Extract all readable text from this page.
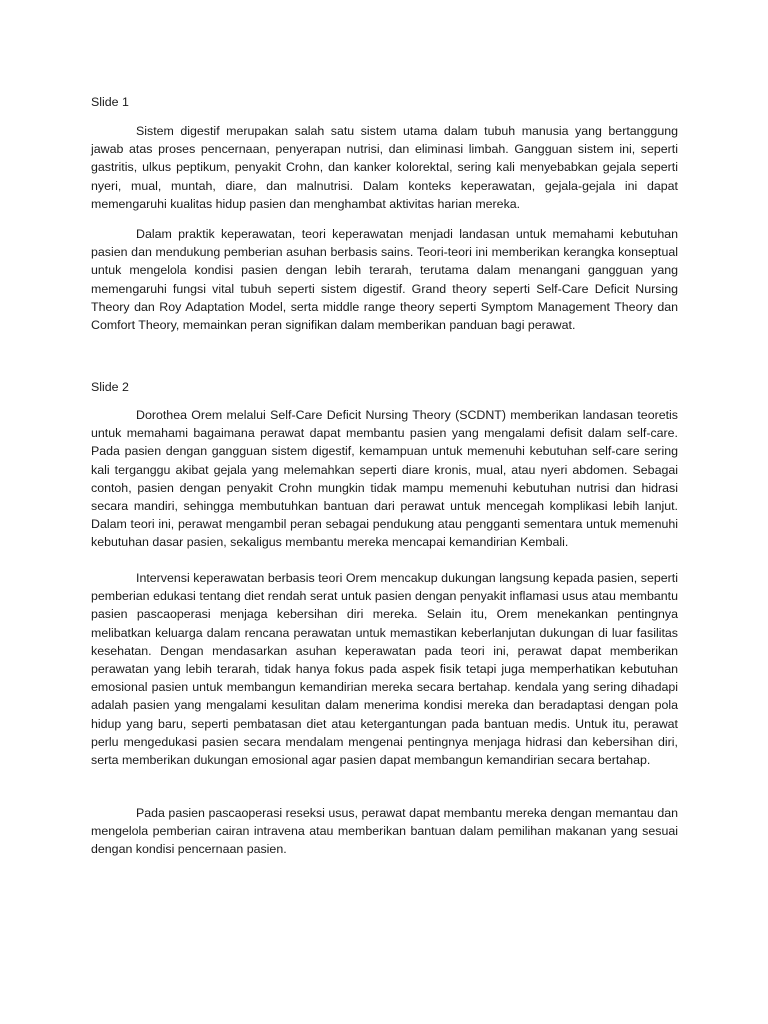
Slide 1

Sistem digestif merupakan salah satu sistem utama dalam tubuh manusia yang bertanggung jawab atas proses pencernaan, penyerapan nutrisi, dan eliminasi limbah. Gangguan sistem ini, seperti gastritis, ulkus peptikum, penyakit Crohn, dan kanker kolorektal, sering kali menyebabkan gejala seperti nyeri, mual, muntah, diare, dan malnutrisi. Dalam konteks keperawatan, gejala-gejala ini dapat memengaruhi kualitas hidup pasien dan menghambat aktivitas harian mereka.

Dalam praktik keperawatan, teori keperawatan menjadi landasan untuk memahami kebutuhan pasien dan mendukung pemberian asuhan berbasis sains. Teori-teori ini memberikan kerangka konseptual untuk mengelola kondisi pasien dengan lebih terarah, terutama dalam menangani gangguan yang memengaruhi fungsi vital tubuh seperti sistem digestif. Grand theory seperti Self-Care Deficit Nursing Theory dan Roy Adaptation Model, serta middle range theory seperti Symptom Management Theory dan Comfort Theory, memainkan peran signifikan dalam memberikan panduan bagi perawat.

Slide 2

Dorothea Orem melalui Self-Care Deficit Nursing Theory (SCDNT) memberikan landasan teoretis untuk memahami bagaimana perawat dapat membantu pasien yang mengalami defisit dalam self-care. Pada pasien dengan gangguan sistem digestif, kemampuan untuk memenuhi kebutuhan self-care sering kali terganggu akibat gejala yang melemahkan seperti diare kronis, mual, atau nyeri abdomen. Sebagai contoh, pasien dengan penyakit Crohn mungkin tidak mampu memenuhi kebutuhan nutrisi dan hidrasi secara mandiri, sehingga membutuhkan bantuan dari perawat untuk mencegah komplikasi lebih lanjut. Dalam teori ini, perawat mengambil peran sebagai pendukung atau pengganti sementara untuk memenuhi kebutuhan dasar pasien, sekaligus membantu mereka mencapai kemandirian Kembali.

Intervensi keperawatan berbasis teori Orem mencakup dukungan langsung kepada pasien, seperti pemberian edukasi tentang diet rendah serat untuk pasien dengan penyakit inflamasi usus atau membantu pasien pascaoperasi menjaga kebersihan diri mereka. Selain itu, Orem menekankan pentingnya melibatkan keluarga dalam rencana perawatan untuk memastikan keberlanjutan dukungan di luar fasilitas kesehatan. Dengan mendasarkan asuhan keperawatan pada teori ini, perawat dapat memberikan perawatan yang lebih terarah, tidak hanya fokus pada aspek fisik tetapi juga memperhatikan kebutuhan emosional pasien untuk membangun kemandirian mereka secara bertahap. kendala yang sering dihadapi adalah pasien yang mengalami kesulitan dalam menerima kondisi mereka dan beradaptasi dengan pola hidup yang baru, seperti pembatasan diet atau ketergantungan pada bantuan medis. Untuk itu, perawat perlu mengedukasi pasien secara mendalam mengenai pentingnya menjaga hidrasi dan kebersihan diri, serta memberikan dukungan emosional agar pasien dapat membangun kemandirian secara bertahap.

Pada pasien pascaoperasi reseksi usus, perawat dapat membantu mereka dengan memantau dan mengelola pemberian cairan intravena atau memberikan bantuan dalam pemilihan makanan yang sesuai dengan kondisi pencernaan pasien.
